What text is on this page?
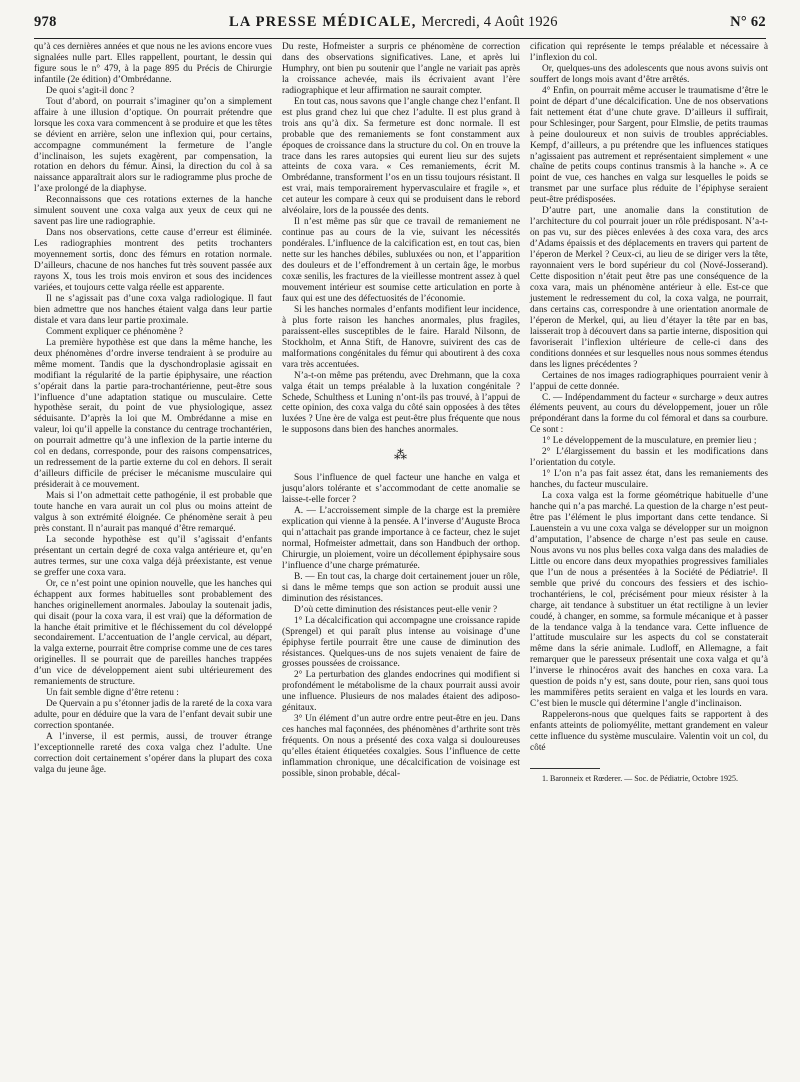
978	LA PRESSE MÉDICALE, Mercredi, 4 Août 1926	N° 62

qu’à ces dernières années et que nous ne les avions encore vues signalées nulle part. Elles rappellent, pourtant, le dessin qui figure sous le n° 479, à la page 895 du Précis de Chirurgie infantile (2e édition) d’Ombrédanne.

De quoi s’agit-il donc ?

Tout d’abord, on pourrait s’imaginer qu’on a simplement affaire à une illusion d’optique. On pourrait prétendre que lorsque les coxa vara commencent à se produire et que les têtes se dévient en arrière, selon une inflexion qui, pour certains, accompagne communément la fermeture de l’angle d’inclinaison, les sujets exagèrent, par compensation, la rotation en dehors du fémur. Ainsi, la direction du col à sa naissance apparaîtrait alors sur le radiogramme plus proche de l’axe prolongé de la diaphyse.

Reconnaissons que ces rotations externes de la hanche simulent souvent une coxa valga aux yeux de ceux qui ne savent pas lire une radiographie.

Dans nos observations, cette cause d’erreur est éliminée. Les radiographies montrent des petits trochanters moyennement sortis, donc des fémurs en rotation normale. D’ailleurs, chacune de nos hanches fut très souvent passée aux rayons X, tous les trois mois environ et sous des incidences variées, et toujours cette valga réelle est apparente.

Il ne s’agissait pas d’une coxa valga radiologique. Il faut bien admettre que nos hanches étaient valga dans leur partie distale et vara dans leur partie proximale.

Comment expliquer ce phénomène ?

La première hypothèse est que dans la même hanche, les deux phénomènes d’ordre inverse tendraient à se produire au même moment. Tandis que la dyschondroplasie agissait en modifiant la régularité de la partie épiphysaire, une réaction s’opérait dans la partie para-trochantérienne, peut-être sous l’influence d’une adaptation statique ou musculaire. Cette hypothèse serait, du point de vue physiologique, assez séduisante. D’après la loi que M. Ombrédanne a mise en valeur, loi qu’il appelle la constance du centrage trochantérien, on pourrait admettre qu’à une inflexion de la partie interne du col en dedans, corresponde, pour des raisons compensatrices, un redressement de la partie externe du col en dehors. Il serait d’ailleurs difficile de préciser le mécanisme musculaire qui présiderait à ce mouvement.

Mais si l’on admettait cette pathogénie, il est probable que toute hanche en vara aurait un col plus ou moins atteint de valgus à son extrémité éloignée. Ce phénomène serait à peu près constant. Il n’aurait pas manqué d’être remarqué.

La seconde hypothèse est qu’il s’agissait d’enfants présentant un certain degré de coxa valga antérieure et, qu’en autres termes, sur une coxa valga déjà préexistante, est venue se greffer une coxa vara.

Or, ce n’est point une opinion nouvelle, que les hanches qui échappent aux formes habituelles sont probablement des hanches originellement anormales. Jaboulay la soutenait jadis, qui disait (pour la coxa vara, il est vrai) que la déformation de la hanche était primitive et le fléchissement du col développé secondairement. L’accentuation de l’angle cervical, au départ, la valga externe, pourrait être comprise comme une de ces tares originelles. Il se pourrait que de pareilles hanches trappées d’un vice de développement aient subi ultérieurement des remaniements de structure.

Un fait semble digne d’être retenu :

De Quervain a pu s’étonner jadis de la rareté de la coxa vara adulte, pour en déduire que la vara de l’enfant devait subir une correction spontanée.

A l’inverse, il est permis, aussi, de trouver étrange l’exceptionnelle rareté des coxa valga chez l’adulte. Une correction doit certainement s’opérer dans la plupart des coxa valga du jeune âge.

Du reste, Hofmeister a surpris ce phénomène de correction dans des observations significatives. Lane, et après lui Humphry, ont bien pu soutenir que l’angle ne variait pas après la croissance achevée, mais ils écrivaient avant l’ère radiographique et leur affirmation ne saurait compter.

En tout cas, nous savons que l’angle change chez l’enfant. Il est plus grand chez lui que chez l’adulte. Il est plus grand à trois ans qu’à dix. Sa fermeture est donc normale. Il est probable que des remaniements se font constamment aux époques de croissance dans la structure du col. On en trouve la trace dans les rares autopsies qui eurent lieu sur des sujets atteints de coxa vara. « Ces remaniements, écrit M. Ombrédanne, transforment l’os en un tissu toujours résistant. Il est vrai, mais temporairement hypervasculaire et fragile », et cet auteur les compare à ceux qui se produisent dans le rebord alvéolaire, lors de la poussée des dents.

Il n’est même pas sûr que ce travail de remaniement ne continue pas au cours de la vie, suivant les nécessités pondérales. L’influence de la calcification est, en tout cas, bien nette sur les hanches débiles, subluxées ou non, et l’apparition des douleurs et de l’effondrement à un certain âge, le morbus coxæ senilis, les fractures de la vieillesse montrent assez à quel mouvement intérieur est soumise cette articulation en porte à faux qui est une des défectuosités de l’économie.

Si les hanches normales d’enfants modifient leur incidence, à plus forte raison les hanches anormales, plus fragiles, paraissent-elles susceptibles de le faire. Harald Nilsonn, de Stockholm, et Anna Stift, de Hanovre, suivirent des cas de malformations congénitales du fémur qui aboutirent à des coxa vara très accentuées.

N’a-t-on même pas prétendu, avec Drehmann, que la coxa valga était un temps préalable à la luxation congénitale ? Schede, Schulthess et Luning n’ont-ils pas trouvé, à l’appui de cette opinion, des coxa valga du côté sain opposées à des têtes luxées ? Une ère de valga est peut-être plus fréquente que nous le supposons dans bien des hanches anormales.

⁂

Sous l’influence de quel facteur une hanche en valga et jusqu’alors tolérante et s’accommodant de cette anomalie se laisse-t-elle forcer ?

A. — L’accroissement simple de la charge est la première explication qui vienne à la pensée. A l’inverse d’Auguste Broca qui n’attachait pas grande importance à ce facteur, chez le sujet normal, Hofmeister admettait, dans son Handbuch der orthop. Chirurgie, un ploiement, voire un décollement épiphysaire sous l’influence d’une charge prématurée.

B. — En tout cas, la charge doit certainement jouer un rôle, si dans le même temps que son action se produit aussi une diminution des résistances.

D’où cette diminution des résistances peut-elle venir ?

1° La décalcification qui accompagne une croissance rapide (Sprengel) et qui paraît plus intense au voisinage d’une épiphyse fertile pourrait être une cause de diminution des résistances. Quelques-uns de nos sujets venaient de faire de grosses poussées de croissance.

2° La perturbation des glandes endocrines qui modifient si profondément le métabolisme de la chaux pourrait aussi avoir une influence. Plusieurs de nos malades étaient des adiposo-génitaux.

3° Un élément d’un autre ordre entre peut-être en jeu. Dans ces hanches mal façonnées, des phénomènes d’arthrite sont très fréquents. On nous a présenté des coxa valga si douloureuses qu’elles étaient étiquetées coxalgies. Sous l’influence de cette inflammation chronique, une décalcification de voisinage est possible, sinon probable, décal-

cification qui représente le temps préalable et nécessaire à l’inflexion du col.

Or, quelques-uns des adolescents que nous avons suivis ont souffert de longs mois avant d’être arrêtés.

4° Enfin, on pourrait même accuser le traumatisme d’être le point de départ d’une décalcification. Une de nos observations fait nettement état d’une chute grave. D’ailleurs il suffirait, pour Schlesinger, pour Sargent, pour Elmslie, de petits traumas à peine douloureux et non suivis de troubles appréciables. Kempf, d’ailleurs, a pu prétendre que les influences statiques n’agissaient pas autrement et représentaient simplement « une chaîne de petits coups continus transmis à la hanche ». A ce point de vue, ces hanches en valga sur lesquelles le poids se transmet par une surface plus réduite de l’épiphyse seraient peut-être prédisposées.

D’autre part, une anomalie dans la constitution de l’architecture du col pourrait jouer un rôle prédisposant. N’a-t-on pas vu, sur des pièces enlevées à des coxa vara, des arcs d’Adams épaissis et des déplacements en travers qui partent de l’éperon de Merkel ? Ceux-ci, au lieu de se diriger vers la tête, rayonnaient vers le bord supérieur du col (Nové-Josserand). Cette disposition n’était peut être pas une conséquence de la coxa vara, mais un phénomène antérieur à elle. Est-ce que justement le redressement du col, la coxa valga, ne pourrait, dans certains cas, correspondre à une orientation anormale de l’éperon de Merkel, qui, au lieu d’étayer la tête par en bas, laisserait trop à découvert dans sa partie interne, disposition qui favoriserait l’inflexion ultérieure de celle-ci dans des conditions données et sur lesquelles nous nous sommes étendus dans les lignes précédentes ?

Certaines de nos images radiographiques pourraient venir à l’appui de cette donnée.

C. — Indépendamment du facteur « surcharge » deux autres éléments peuvent, au cours du développement, jouer un rôle prépondérant dans la forme du col fémoral et dans sa courbure. Ce sont :

1° Le développement de la musculature, en premier lieu ;

2° L’élargissement du bassin et les modifications dans l’orientation du cotyle.

1° L’on n’a pas fait assez état, dans les remaniements des hanches, du facteur musculaire.

La coxa valga est la forme géométrique habituelle d’une hanche qui n’a pas marché. La question de la charge n’est peut-être pas l’élément le plus important dans cette tendance. Si Lauenstein a vu une coxa valga se développer sur un moignon d’amputation, l’absence de charge n’est pas seule en cause. Nous avons vu nos plus belles coxa valga dans des maladies de Little ou encore dans deux myopathies progressives familiales que l’un de nous a présentées à la Société de Pédiatrie¹. Il semble que privé du concours des fessiers et des ischio-trochantériens, le col, précisément pour mieux résister à la charge, ait tendance à substituer un état rectiligne à un levier coudé, à changer, en somme, sa formule mécanique et à passer de la tendance valga à la tendance vara. Cette influence de l’attitude musculaire sur les aspects du col se constaterait même dans la série animale. Ludloff, en Allemagne, a fait remarquer que le paresseux présentait une coxa valga et qu’à l’inverse le rhinocéros avait des hanches en coxa vara. La question de poids n’y est, sans doute, pour rien, sans quoi tous les mammifères petits seraient en valga et les lourds en vara. C’est bien le muscle qui détermine l’angle d’inclinaison.

Rappelerons-nous que quelques faits se rapportent à des enfants atteints de poliomyélite, mettant grandement en valeur cette influence du système musculaire. Valentin voit un col, du côté

1. Baronneix et Rœderer. — Soc. de Pédiatrie, Octobre 1925.
